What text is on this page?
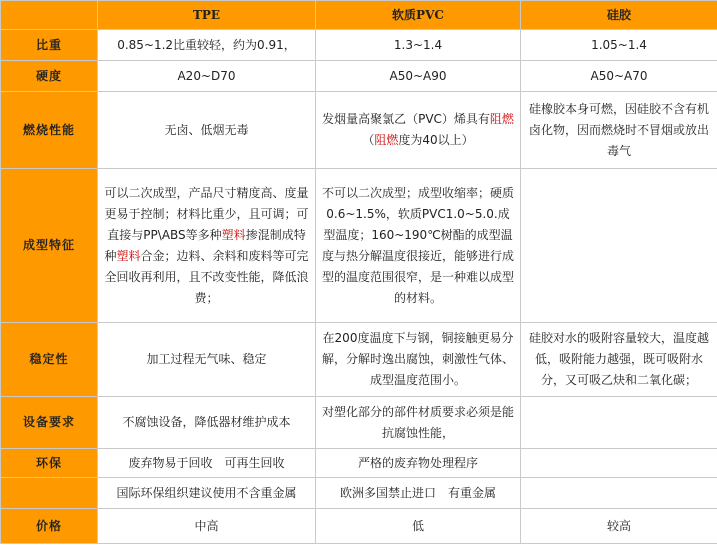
	TPE	软质PVC	硅胶
比重	0.85~1.2比重较轻，约为0.91，	1.3~1.4	1.05~1.4
硬度	A20~D70	A50~A90	A50~A70
燃烧性能	无卤、低烟无毒	发烟量高聚氯乙（PVC）烯具有阻燃（阻燃度为40以上）	硅橡胶本身可燃，因硅胶不含有机卤化物，因而燃烧时不冒烟或放出毒气
成型特征	可以二次成型，产品尺寸精度高、度量更易于控制；材料比重少，且可调；可直接与PP\ABS等多种塑料掺混制成特种塑料合金；边料、余料和废料等可完全回收再利用，且不改变性能，降低浪费；	不可以二次成型；成型收缩率；硬质0.6~1.5%，软质PVC1.0~5.0.成型温度；160~190℃树酯的成型温度与热分解温度很接近，能够进行成型的温度范围很窄，是一种难以成型的材料。	
稳定性	加工过程无气味、稳定	在200度温度下与钢，铜接触更易分解，分解时逸出腐蚀，刺激性气体、成型温度范围小。	硅胶对水的吸附容量较大，温度越低，吸附能力越强，既可吸附水分，又可吸乙炔和二氧化碳；
设备要求	不腐蚀设备，降低器材维护成本	对塑化部分的部件材质要求必须是能抗腐蚀性能，	
环保	废弃物易于回收　可再生回收	严格的废弃物处理程序	
	国际环保组织建议使用不含重金属	欧洲多国禁止进口　有重金属	
价格	中高	低	较高
